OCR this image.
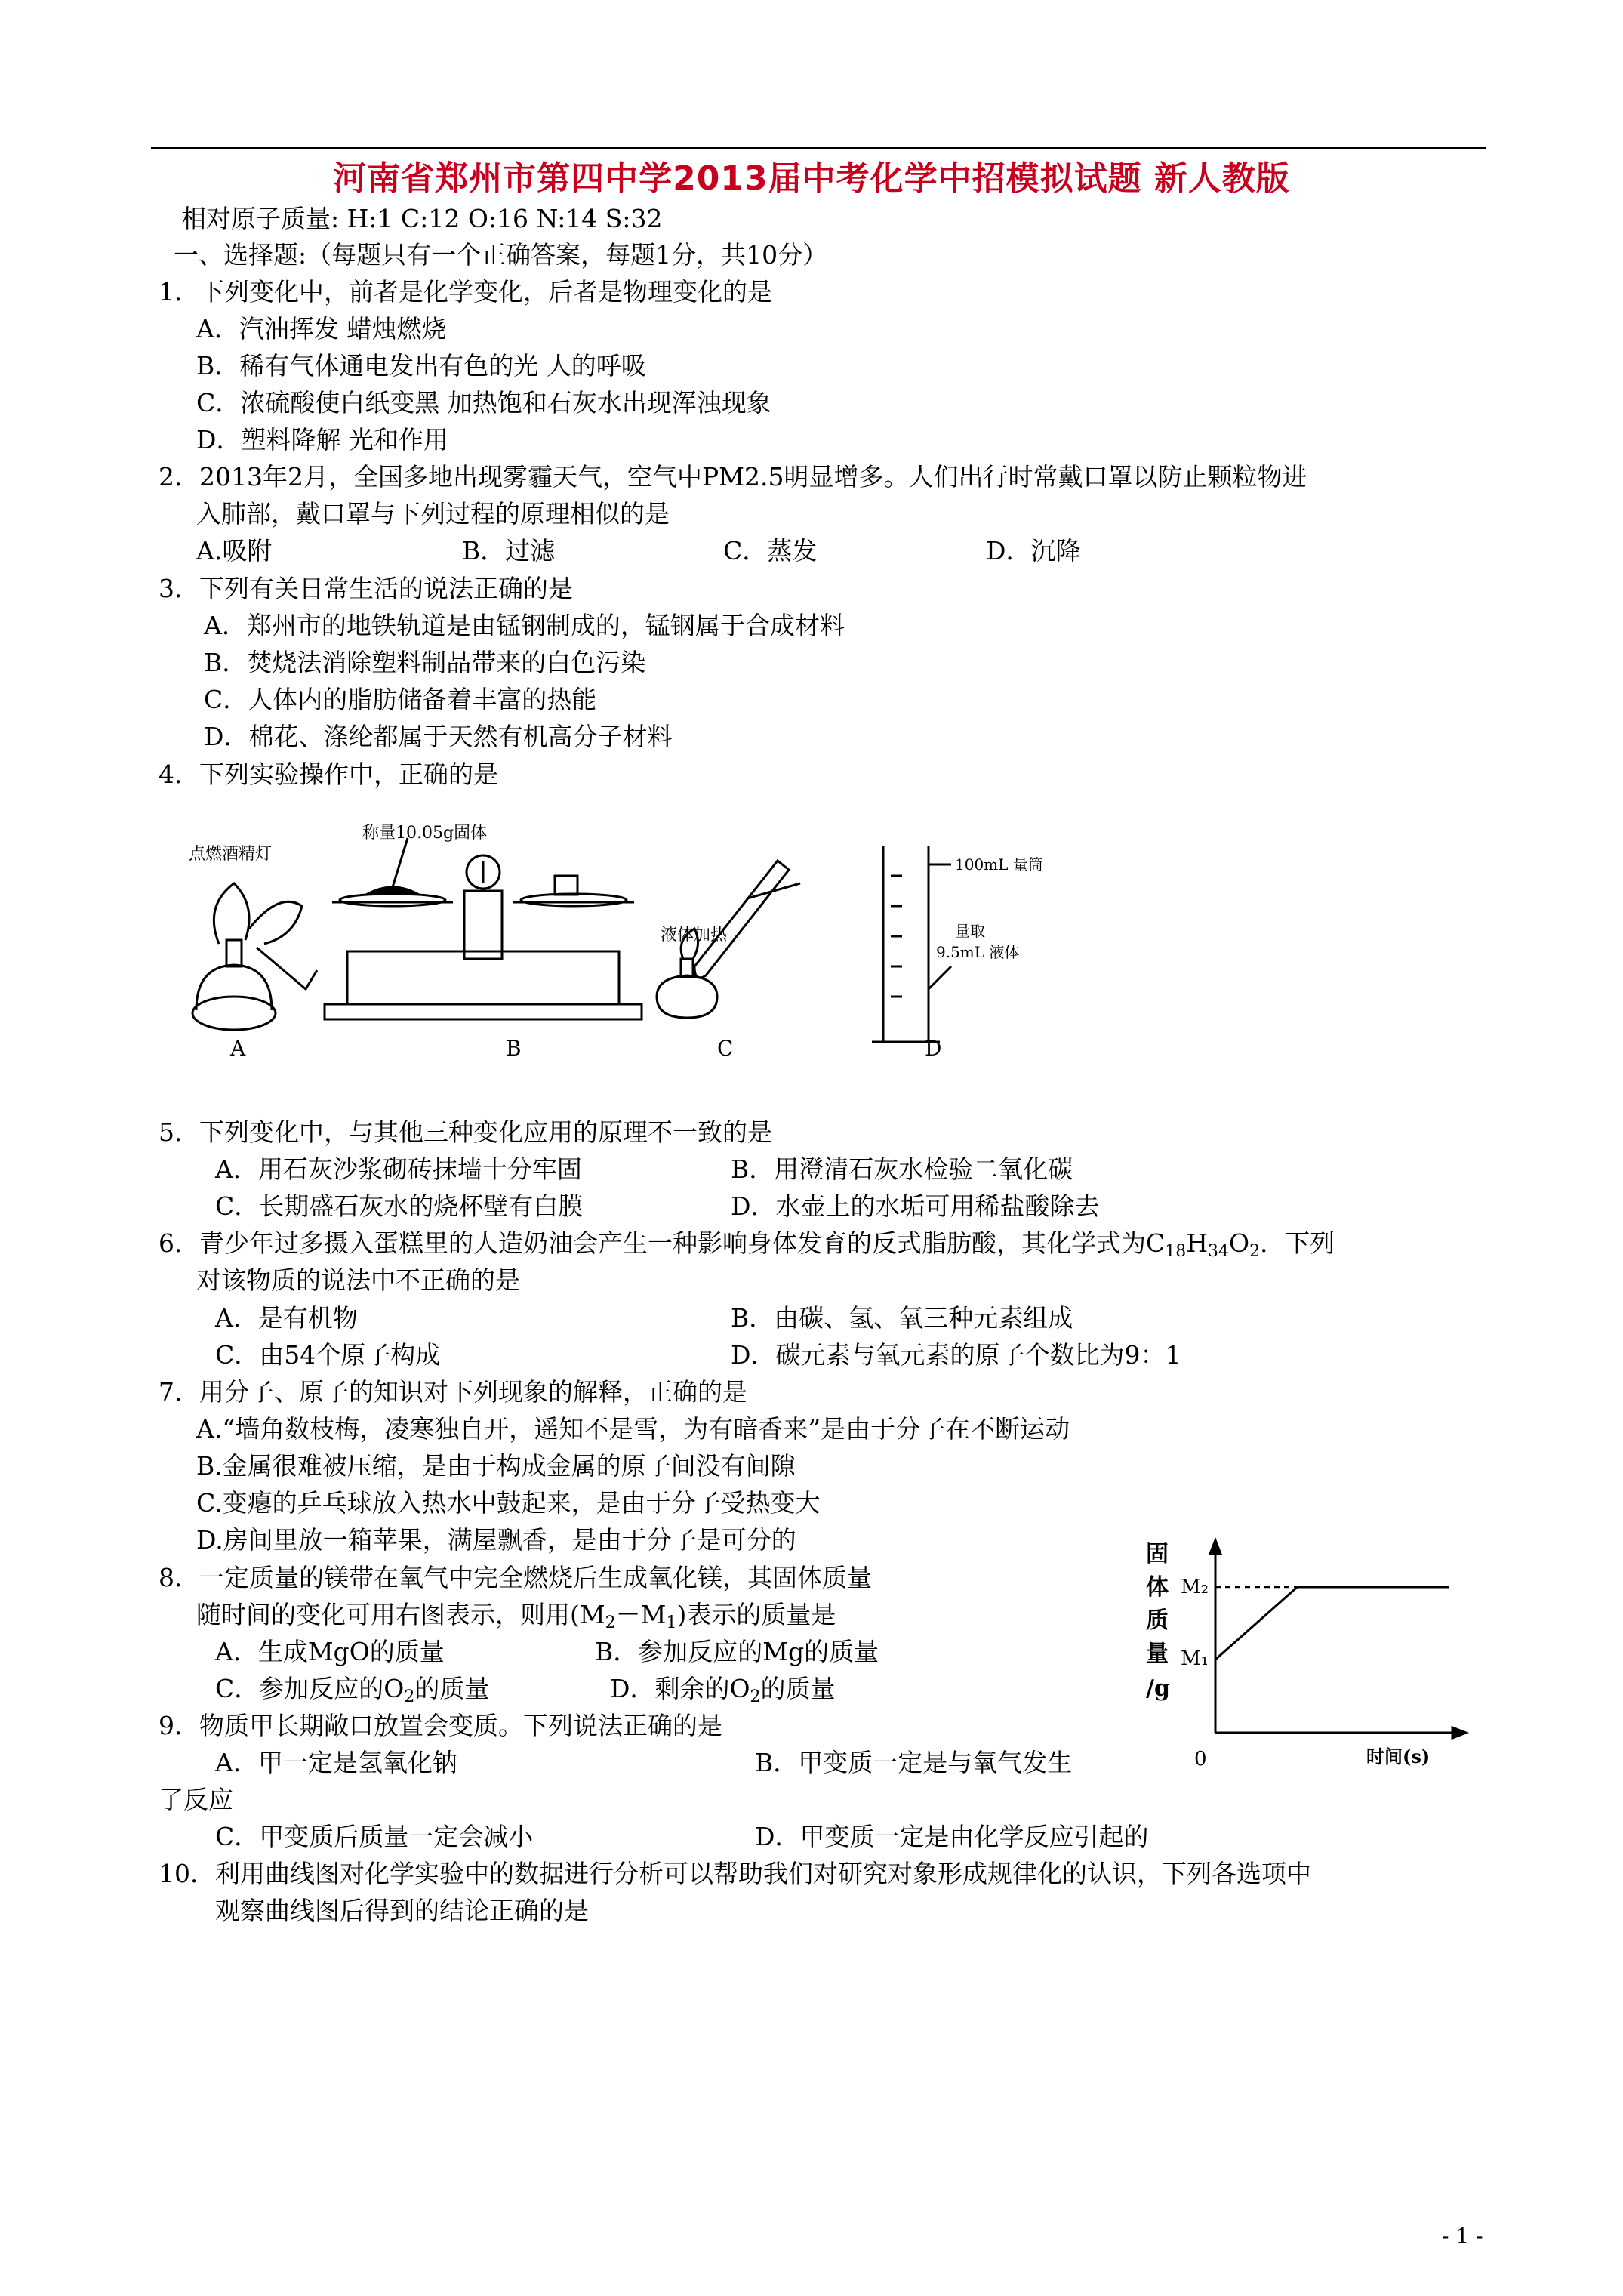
河南省郑州市第四中学2013届中考化学中招模拟试题 新人教版
相对原子质量: H:1 C:12 O:16 N:14 S:32
一、选择题:（每题只有一个正确答案，每题1分，共10分）
1．下列变化中，前者是化学变化，后者是物理变化的是
A．汽油挥发 蜡烛燃烧
B．稀有气体通电发出有色的光 人的呼吸
C．浓硫酸使白纸变黑 加热饱和石灰水出现浑浊现象
D．塑料降解 光和作用
2．2013年2月，全国多地出现雾霾天气，空气中PM2.5明显增多。人们出行时常戴口罩以防止颗粒物进
入肺部，戴口罩与下列过程的原理相似的是
A.吸附	B．过滤	C．蒸发	D．沉降
3．下列有关日常生活的说法正确的是
A．郑州市的地铁轨道是由锰钢制成的，锰钢属于合成材料
B．焚烧法消除塑料制品带来的白色污染
C．人体内的脂肪储备着丰富的热能
D．棉花、涤纶都属于天然有机高分子材料
4．下列实验操作中，正确的是
点燃酒精灯
A
称量10.05g固体
B
液体加热
C
100mL 量筒
量取
9.5mL 液体
D
5．下列变化中，与其他三种变化应用的原理不一致的是
A．用石灰沙浆砌砖抹墙十分牢固	B．用澄清石灰水检验二氧化碳
C．长期盛石灰水的烧杯壁有白膜	D．水壶上的水垢可用稀盐酸除去
6．青少年过多摄入蛋糕里的人造奶油会产生一种影响身体发育的反式脂肪酸，其化学式为$C_{18}H_{34}O_2$．下列
对该物质的说法中不正确的是
A．是有机物	B．由碳、氢、氧三种元素组成
C．由54个原子构成	D．碳元素与氧元素的原子个数比为9：1
7．用分子、原子的知识对下列现象的解释，正确的是
A.“墙角数枝梅，凌寒独自开，遥知不是雪，为有暗香来”是由于分子在不断运动
B.金属很难被压缩，是由于构成金属的原子间没有间隙
C.变瘪的乒乓球放入热水中鼓起来，是由于分子受热变大
D.房间里放一箱苹果，满屋飘香，是由于分子是可分的
8．一定质量的镁带在氧气中完全燃烧后生成氧化镁，其固体质量
随时间的变化可用右图表示，则用$(M_2-M_1)$表示的质量是
A．生成MgO的质量	B．参加反应的Mg的质量
C．参加反应的$O_2$的质量	D．剩余的$O_2$的质量
固
体
质
量
/g
M₂
M₁
0	时间(s)
9．物质甲长期敞口放置会变质。下列说法正确的是
A．甲一定是氢氧化钠	B．甲变质一定是与氧气发生
了反应
C．甲变质后质量一定会减小	D．甲变质一定是由化学反应引起的
10．利用曲线图对化学实验中的数据进行分析可以帮助我们对研究对象形成规律化的认识，下列各选项中
观察曲线图后得到的结论正确的是
- 1 -
